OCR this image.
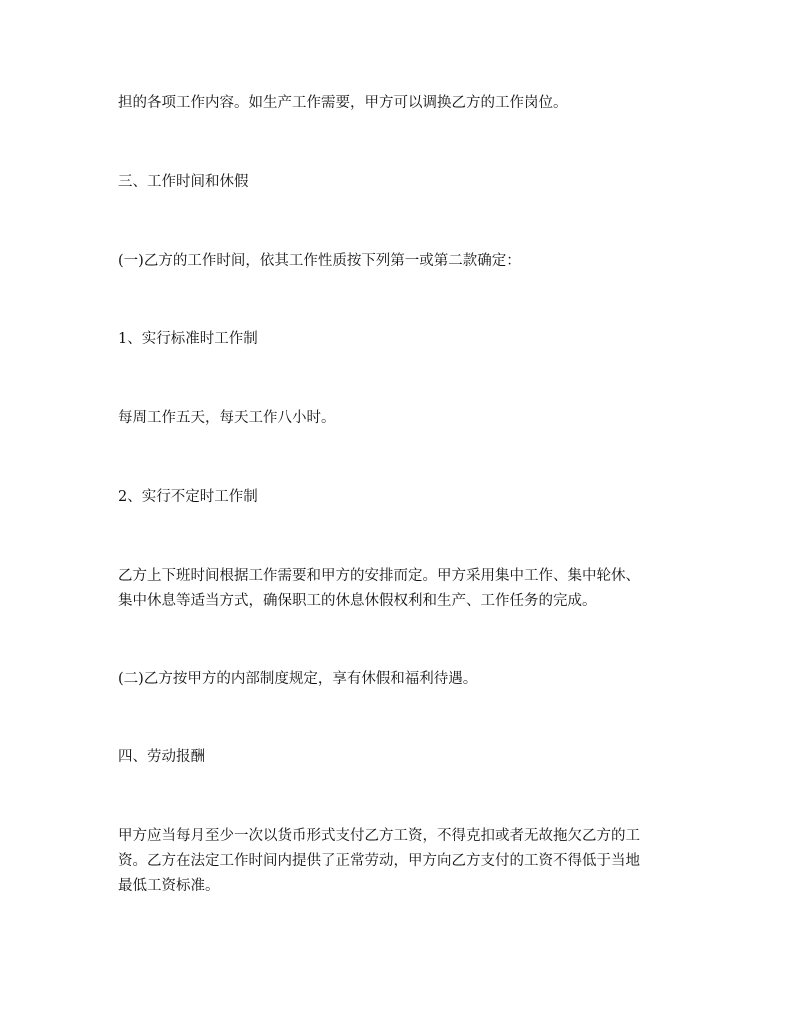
担的各项工作内容。如生产工作需要，甲方可以调换乙方的工作岗位。
三、工作时间和休假
(一)乙方的工作时间，依其工作性质按下列第一或第二款确定：
1、实行标准时工作制
每周工作五天，每天工作八小时。
2、实行不定时工作制
乙方上下班时间根据工作需要和甲方的安排而定。甲方采用集中工作、集中轮休、
集中休息等适当方式，确保职工的休息休假权利和生产、工作任务的完成。
(二)乙方按甲方的内部制度规定，享有休假和福利待遇。
四、劳动报酬
甲方应当每月至少一次以货币形式支付乙方工资，不得克扣或者无故拖欠乙方的工
资。乙方在法定工作时间内提供了正常劳动，甲方向乙方支付的工资不得低于当地
最低工资标准。
